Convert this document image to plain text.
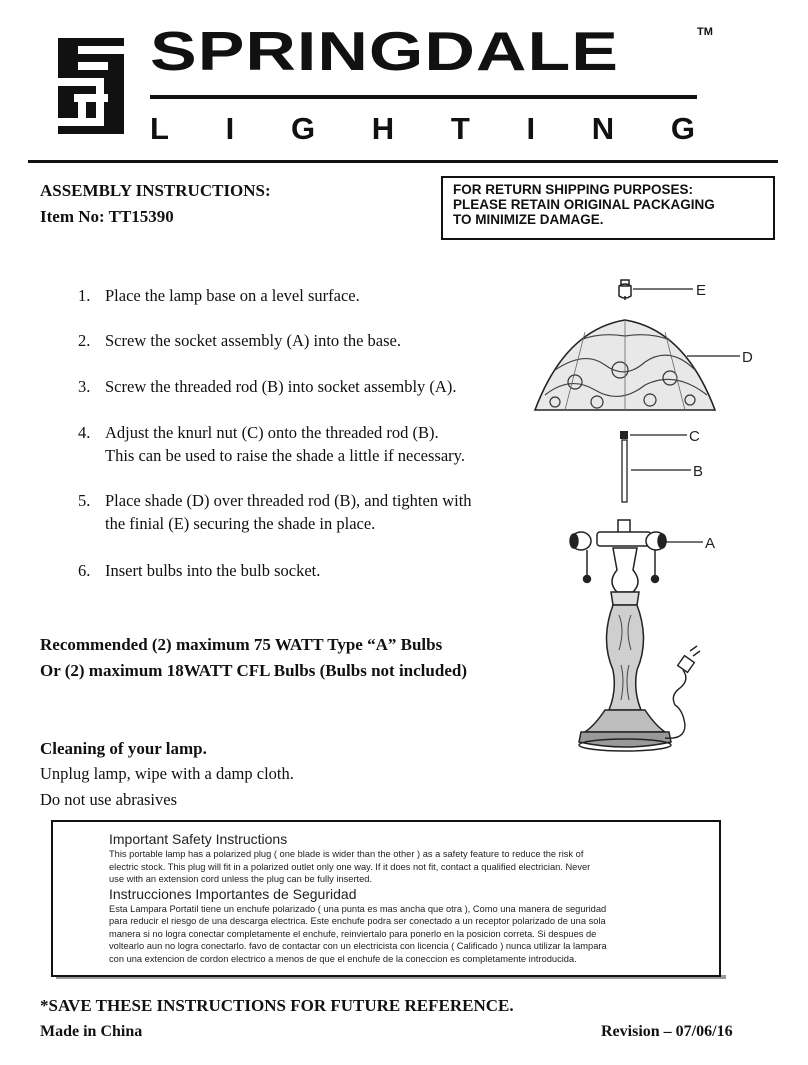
SPRINGDALE	TM
L I G H T I N G
ASSEMBLY INSTRUCTIONS:
Item No: TT15390
FOR RETURN SHIPPING PURPOSES:
PLEASE RETAIN ORIGINAL PACKAGING
TO MINIMIZE DAMAGE.
1. Place the lamp base on a level surface.
2. Screw the socket assembly (A) into the base.
3. Screw the threaded rod (B) into socket assembly (A).
4. Adjust the knurl nut (C) onto the threaded rod (B).
This can be used to raise the shade a little if necessary.
5. Place shade (D) over threaded rod (B), and tighten with
the finial (E) securing the shade in place.
6. Insert bulbs into the bulb socket.
Recommended (2) maximum 75 WATT Type “A” Bulbs
Or (2) maximum 18WATT CFL Bulbs (Bulbs not included)
Cleaning of your lamp.
Unplug lamp, wipe with a damp cloth.
Do not use abrasives
Important Safety Instructions
This portable lamp has a polarized plug ( one blade is wider than the other ) as a safety feature to reduce the risk of
electric stock. This plug will fit in a polarized outlet only one way. If it does not fit, contact a qualified electrician. Never
use with an extension cord unless the plug can be fully inserted.
Instrucciones Importantes de Seguridad
Esta Lampara Portatil tiene un enchufe polarizado ( una punta es mas ancha que otra ), Como una manera de seguridad
para reducir el riesgo de una descarga electrica. Este enchufe podra ser conectado a un receptor polarizado de una sola
manera si no logra conectar completamente el enchufe, reinviertalo para ponerlo en la posicion correta. Si despues de
voltearlo aun no logra conectarlo. favo de contactar con un electricista con licencia ( Calificado ) nunca utilizar la lampara
con una extencion de cordon electrico a menos de que el enchufe de la coneccion es completamente introducida.
*SAVE THESE INSTRUCTIONS FOR FUTURE REFERENCE.
Made in China	Revision – 07/06/16
E
D
C
B
A
